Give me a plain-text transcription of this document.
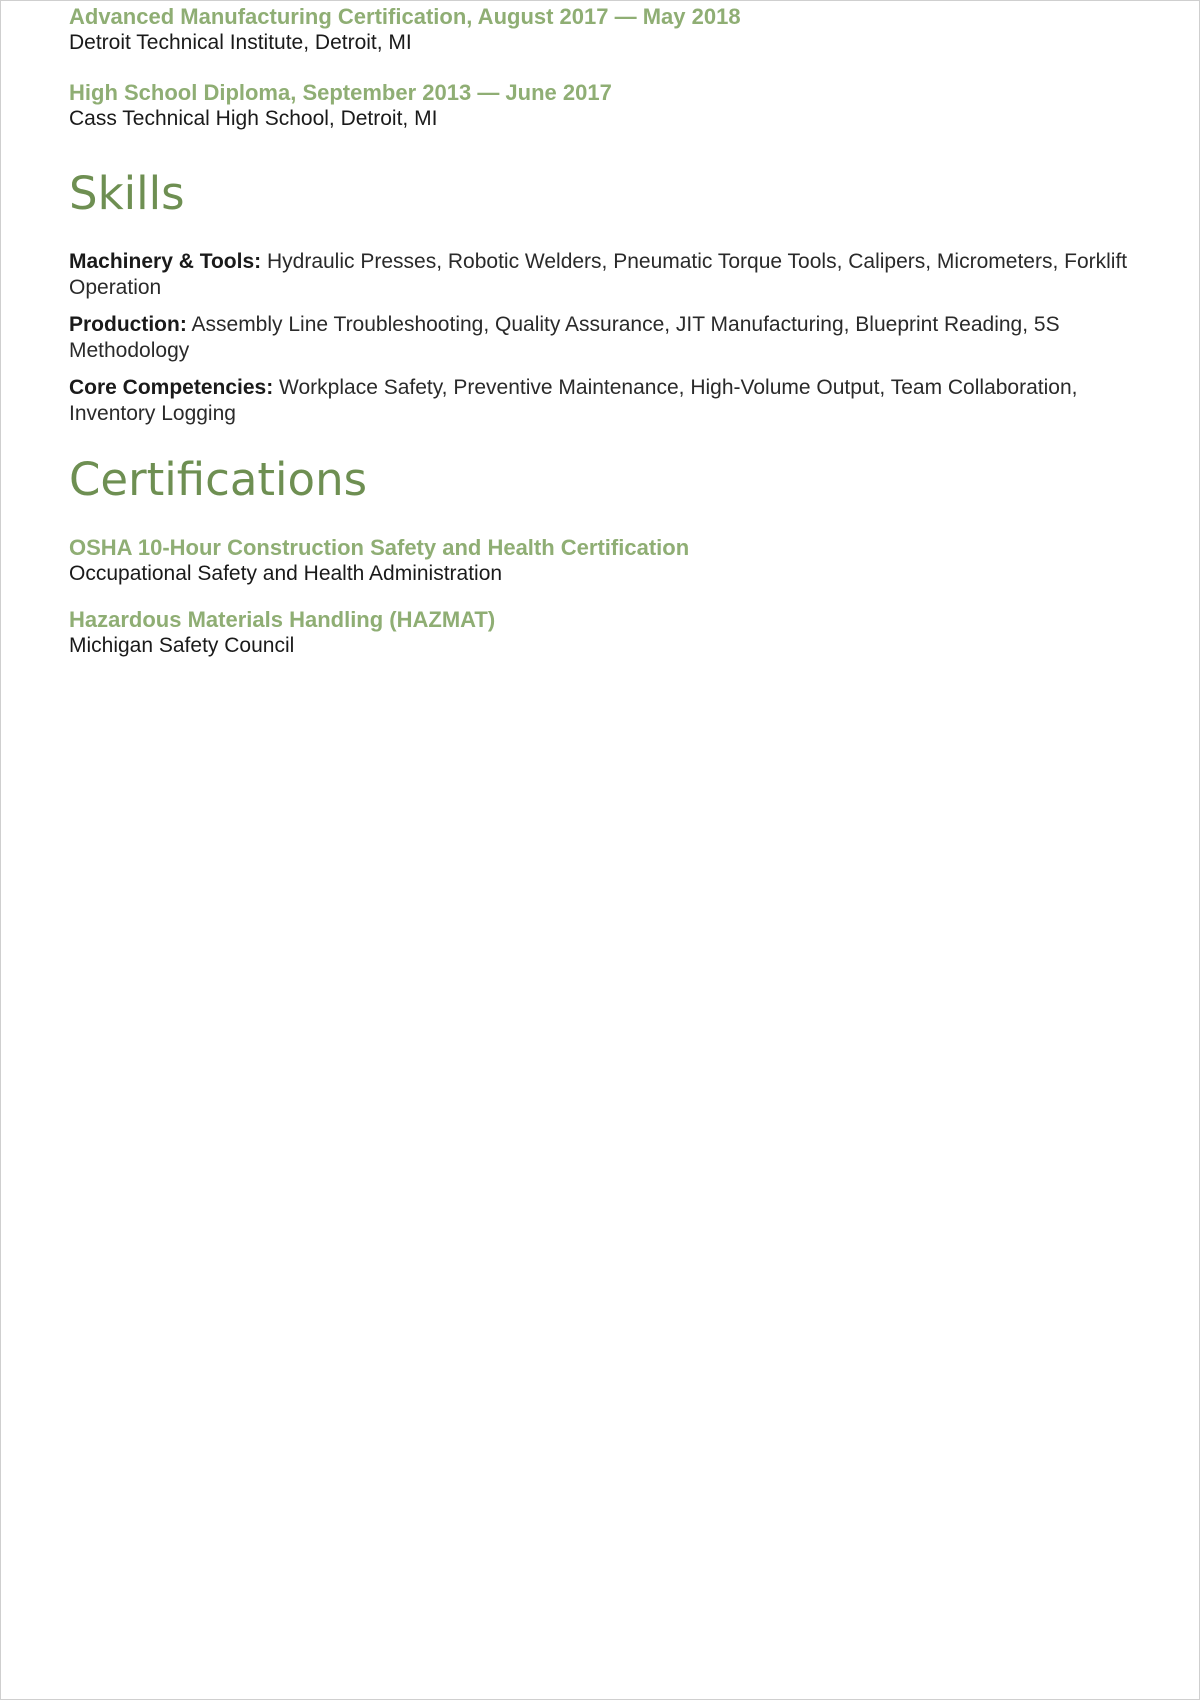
Advanced Manufacturing Certification, August 2017 — May 2018

Detroit Technical Institute, Detroit, MI

High School Diploma, September 2013 — June 2017

Cass Technical High School, Detroit, MI

Skills

Machinery & Tools: Hydraulic Presses, Robotic Welders, Pneumatic Torque Tools, Calipers, Micrometers, Forklift Operation

Production: Assembly Line Troubleshooting, Quality Assurance, JIT Manufacturing, Blueprint Reading, 5S Methodology

Core Competencies: Workplace Safety, Preventive Maintenance, High-Volume Output, Team Collaboration, Inventory Logging

Certifications

OSHA 10-Hour Construction Safety and Health Certification

Occupational Safety and Health Administration

Hazardous Materials Handling (HAZMAT)

Michigan Safety Council
